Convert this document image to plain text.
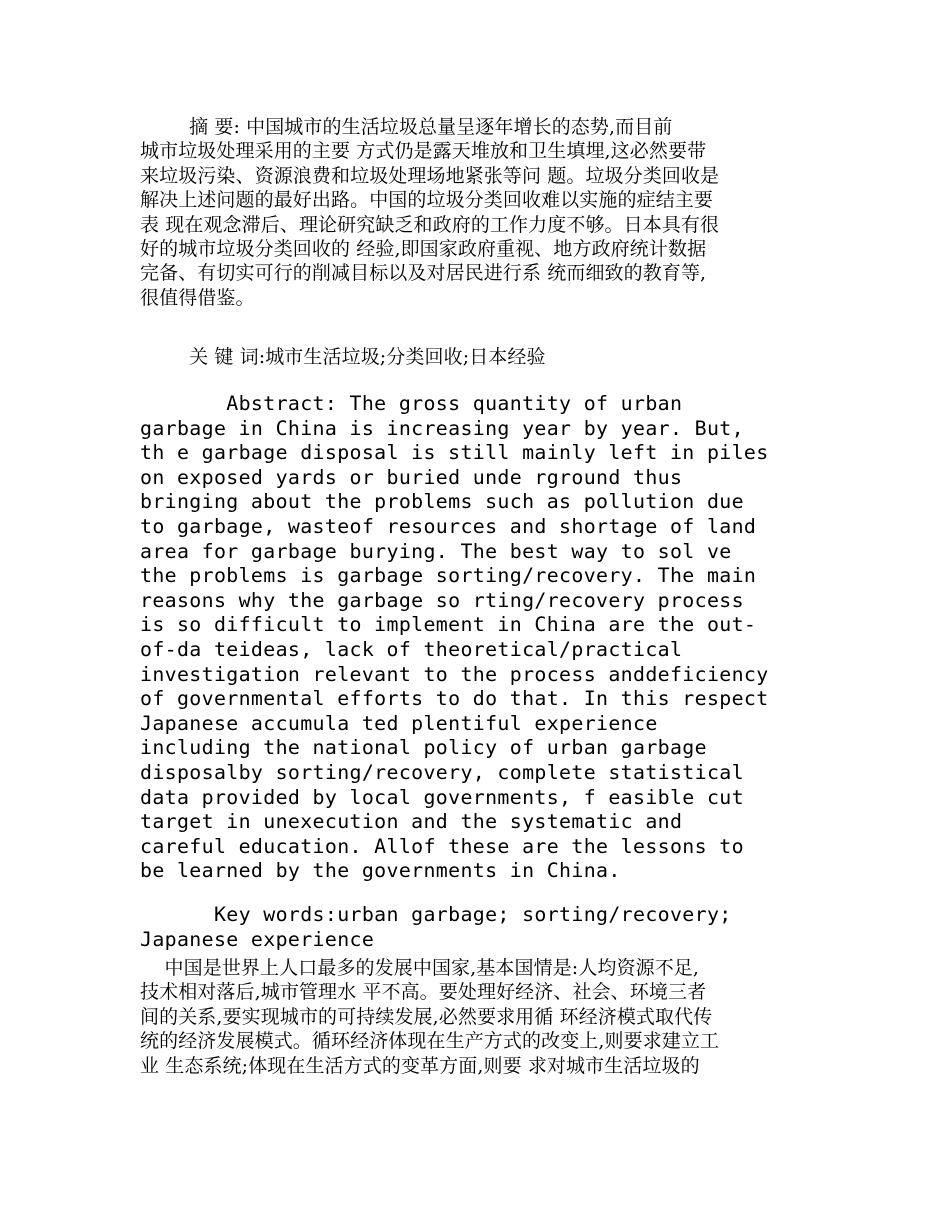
摘 要: 中国城市的生活垃圾总量呈逐年增长的态势,而目前

城市垃圾处理采用的主要 方式仍是露天堆放和卫生填埋,这必然要带

来垃圾污染、资源浪费和垃圾处理场地紧张等问 题。垃圾分类回收是

解决上述问题的最好出路。中国的垃圾分类回收难以实施的症结主要

表 现在观念滞后、理论研究缺乏和政府的工作力度不够。日本具有很

好的城市垃圾分类回收的 经验,即国家政府重视、地方政府统计数据

完备、有切实可行的削减目标以及对居民进行系 统而细致的教育等,

很值得借鉴。

关 键 词:城市生活垃圾;分类回收;日本经验

Abstract: The gross quantity of urban

garbage in China is increasing year by year. But,

th e garbage disposal is still mainly left in piles

on exposed yards or buried unde rground thus

bringing about the problems such as pollution due

to garbage, wasteof resources and shortage of land

area for garbage burying. The best way to sol ve

the problems is garbage sorting/recovery. The main

reasons why the garbage so rting/recovery process

is so difficult to implement in China are the out-

of-da teideas, lack of theoretical/practical

investigation relevant to the process anddeficiency

of governmental efforts to do that. In this respect

Japanese accumula ted plentiful experience

including the national policy of urban garbage

disposalby sorting/recovery, complete statistical

data provided by local governments, f easible cut

target in unexecution and the systematic and

careful education. Allof these are the lessons to

be learned by the governments in China.

Key words:urban garbage; sorting/recovery;

Japanese experience

中国是世界上人口最多的发展中国家,基本国情是:人均资源不足,

技术相对落后,城市管理水 平不高。要处理好经济、社会、环境三者

间的关系,要实现城市的可持续发展,必然要求用循 环经济模式取代传

统的经济发展模式。循环经济体现在生产方式的改变上,则要求建立工

业 生态系统;体现在生活方式的变革方面,则要 求对城市生活垃圾的
